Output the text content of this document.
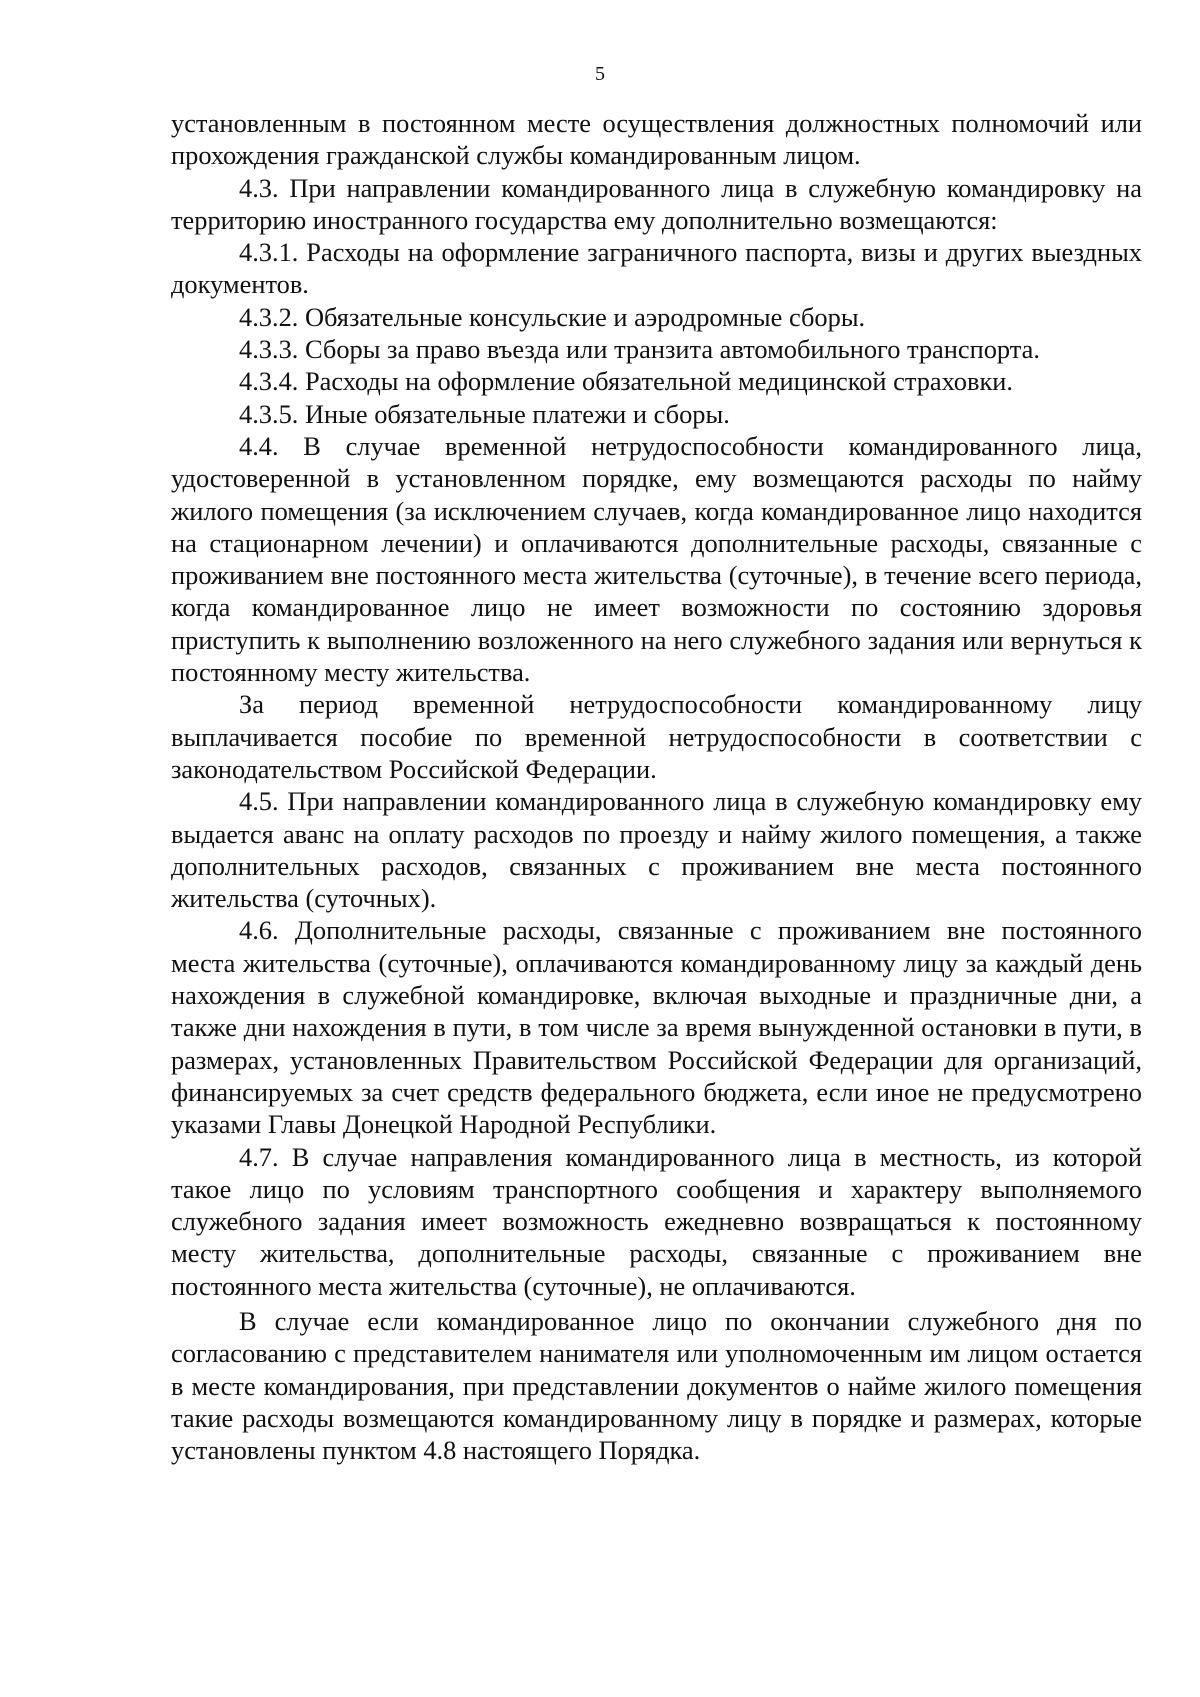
5

установленным в постоянном месте осуществления должностных полномочий или прохождения гражданской службы командированным лицом.

4.3. При направлении командированного лица в служебную командировку на территорию иностранного государства ему дополнительно возмещаются:

4.3.1. Расходы на оформление заграничного паспорта, визы и других выездных документов.

4.3.2. Обязательные консульские и аэродромные сборы.

4.3.3. Сборы за право въезда или транзита автомобильного транспорта.

4.3.4. Расходы на оформление обязательной медицинской страховки.

4.3.5. Иные обязательные платежи и сборы.

4.4. В случае временной нетрудоспособности командированного лица, удостоверенной в установленном порядке, ему возмещаются расходы по найму жилого помещения (за исключением случаев, когда командированное лицо находится на стационарном лечении) и оплачиваются дополнительные расходы, связанные с проживанием вне постоянного места жительства (суточные), в течение всего периода, когда командированное лицо не имеет возможности по состоянию здоровья приступить к выполнению возложенного на него служебного задания или вернуться к постоянному месту жительства.

За период временной нетрудоспособности командированному лицу выплачивается пособие по временной нетрудоспособности в соответствии с законодательством Российской Федерации.

4.5. При направлении командированного лица в служебную командировку ему выдается аванс на оплату расходов по проезду и найму жилого помещения, а также дополнительных расходов, связанных с проживанием вне места постоянного жительства (суточных).

4.6. Дополнительные расходы, связанные с проживанием вне постоянного места жительства (суточные), оплачиваются командированному лицу за каждый день нахождения в служебной командировке, включая выходные и праздничные дни, а также дни нахождения в пути, в том числе за время вынужденной остановки в пути, в размерах, установленных Правительством Российской Федерации для организаций, финансируемых за счет средств федерального бюджета, если иное не предусмотрено указами Главы Донецкой Народной Республики.

4.7. В случае направления командированного лица в местность, из которой такое лицо по условиям транспортного сообщения и характеру выполняемого служебного задания имеет возможность ежедневно возвращаться к постоянному месту жительства, дополнительные расходы, связанные с проживанием вне постоянного места жительства (суточные), не оплачиваются.

В случае если командированное лицо по окончании служебного дня по согласованию с представителем нанимателя или уполномоченным им лицом остается в месте командирования, при представлении документов о найме жилого помещения такие расходы возмещаются командированному лицу в порядке и размерах, которые установлены пунктом 4.8 настоящего Порядка.
